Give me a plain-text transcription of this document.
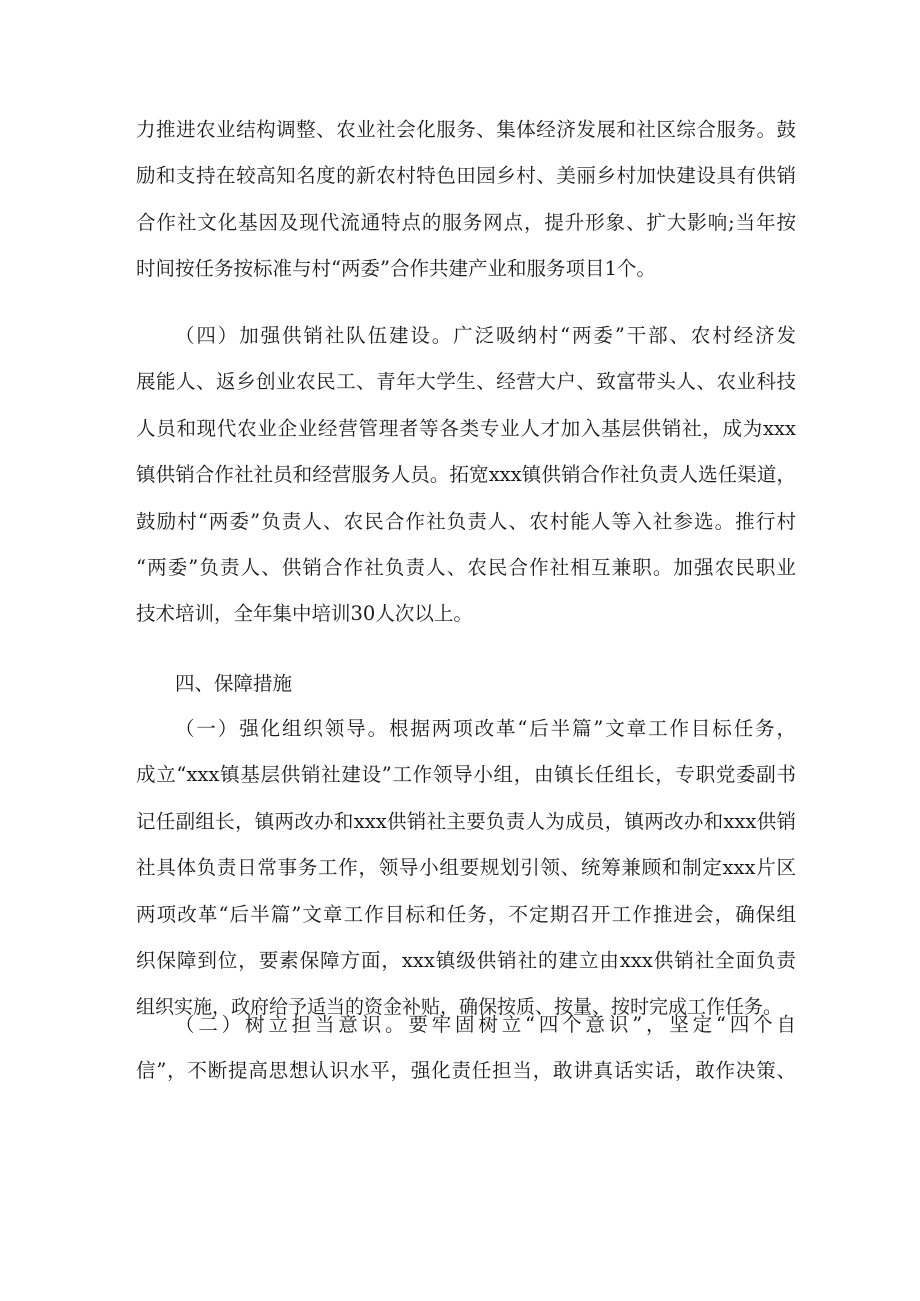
力推进农业结构调整、农业社会化服务、集体经济发展和社区综合服务。鼓
励和支持在较高知名度的新农村特色田园乡村、美丽乡村加快建设具有供销
合作社文化基因及现代流通特点的服务网点，提升形象、扩大影响;当年按
时间按任务按标准与村“两委”合作共建产业和服务项目1个。
（四）加强供销社队伍建设。广泛吸纳村“两委”干部、农村经济发
展能人、返乡创业农民工、青年大学生、经营大户、致富带头人、农业科技
人员和现代农业企业经营管理者等各类专业人才加入基层供销社，成为xxx
镇供销合作社社员和经营服务人员。拓宽xxx镇供销合作社负责人选任渠道，
鼓励村“两委”负责人、农民合作社负责人、农村能人等入社参选。推行村
“两委”负责人、供销合作社负责人、农民合作社相互兼职。加强农民职业
技术培训，全年集中培训30人次以上。
四、保障措施
（一）强化组织领导。根据两项改革“后半篇”文章工作目标任务，
成立“xxx镇基层供销社建设”工作领导小组，由镇长任组长，专职党委副书
记任副组长，镇两改办和xxx供销社主要负责人为成员，镇两改办和xxx供销
社具体负责日常事务工作，领导小组要规划引领、统筹兼顾和制定xxx片区
两项改革“后半篇”文章工作目标和任务，不定期召开工作推进会，确保组
织保障到位，要素保障方面，xxx镇级供销社的建立由xxx供销社全面负责
组织实施，政府给予适当的资金补贴，确保按质、按量、按时完成工作任务。
（二）树立担当意识。要牢固树立“四个意识”，坚定“四个自
信”，不断提高思想认识水平，强化责任担当，敢讲真话实话，敢作决策、
